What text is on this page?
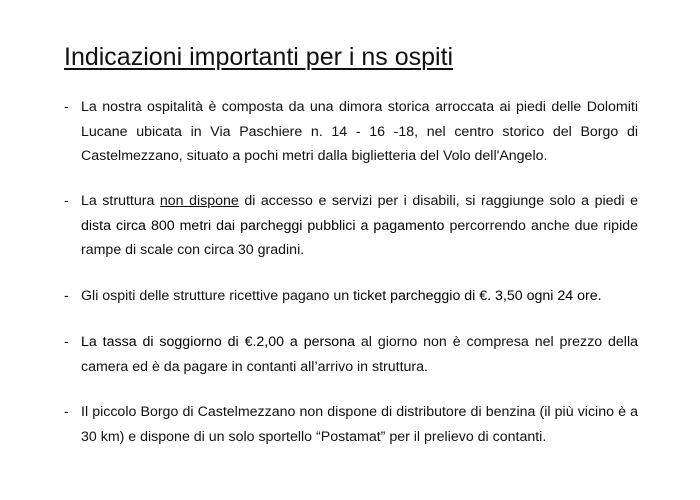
Indicazioni importanti per i ns ospiti
- La nostra ospitalità è composta da una dimora storica arroccata ai piedi delle Dolomiti Lucane ubicata in Via Paschiere n. 14 - 16 -18, nel centro storico del Borgo di Castelmezzano, situato a pochi metri dalla biglietteria del Volo dell'Angelo.
- La struttura non dispone di accesso e servizi per i disabili, si raggiunge solo a piedi e dista circa 800 metri dai parcheggi pubblici a pagamento percorrendo anche due ripide rampe di scale con circa 30 gradini.
- Gli ospiti delle strutture ricettive pagano un ticket parcheggio di €. 3,50 ogni 24 ore.
- La tassa di soggiorno di €.2,00 a persona al giorno non è compresa nel prezzo della camera ed è da pagare in contanti all’arrivo in struttura.
- Il piccolo Borgo di Castelmezzano non dispone di distributore di benzina (il più vicino è a 30 km) e dispone di un solo sportello “Postamat” per il prelievo di contanti.
